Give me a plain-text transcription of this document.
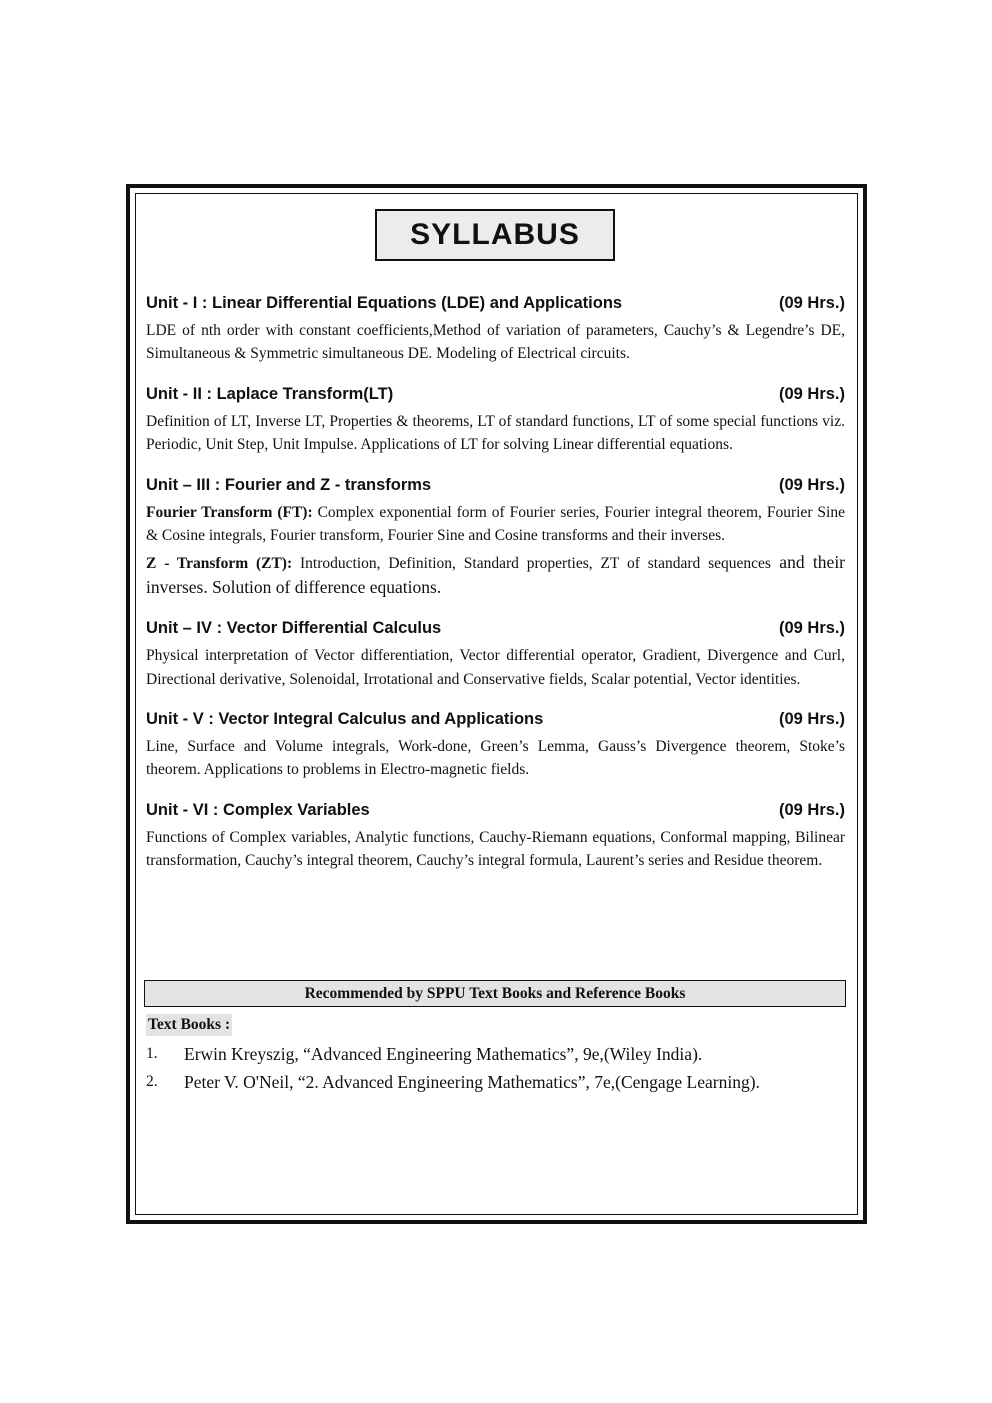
SYLLABUS
Unit - I : Linear Differential Equations (LDE) and Applications	(09 Hrs.)

LDE of nth order with constant coefficients,Method of variation of parameters, Cauchy’s & Legendre’s DE, Simultaneous & Symmetric simultaneous DE. Modeling of Electrical circuits.

Unit - II : Laplace Transform(LT)	(09 Hrs.)

Definition of LT, Inverse LT, Properties & theorems, LT of standard functions, LT of some special functions viz. Periodic, Unit Step, Unit Impulse. Applications of LT for solving Linear differential equations.

Unit – III : Fourier and Z - transforms	(09 Hrs.)

Fourier Transform (FT): Complex exponential form of Fourier series, Fourier integral theorem, Fourier Sine & Cosine integrals, Fourier transform, Fourier Sine and Cosine transforms and their inverses.

Z - Transform (ZT): Introduction, Definition, Standard properties, ZT of standard sequences and their inverses. Solution of difference equations.

Unit – IV : Vector Differential Calculus	(09 Hrs.)

Physical interpretation of Vector differentiation, Vector differential operator, Gradient, Divergence and Curl, Directional derivative, Solenoidal, Irrotational and Conservative fields, Scalar potential, Vector identities.

Unit - V : Vector Integral Calculus and Applications	(09 Hrs.)

Line, Surface and Volume integrals, Work-done, Green’s Lemma, Gauss’s Divergence theorem, Stoke’s theorem. Applications to problems in Electro-magnetic fields.

Unit - VI : Complex Variables	(09 Hrs.)

Functions of Complex variables, Analytic functions, Cauchy-Riemann equations, Conformal mapping, Bilinear transformation, Cauchy’s integral theorem, Cauchy’s integral formula, Laurent’s series and Residue theorem.

Recommended by SPPU Text Books and Reference Books
Text Books :
1.	Erwin Kreyszig, “Advanced Engineering Mathematics”, 9e,(Wiley India).
2.	Peter V. O'Neil, “2. Advanced Engineering Mathematics”, 7e,(Cengage Learning).
